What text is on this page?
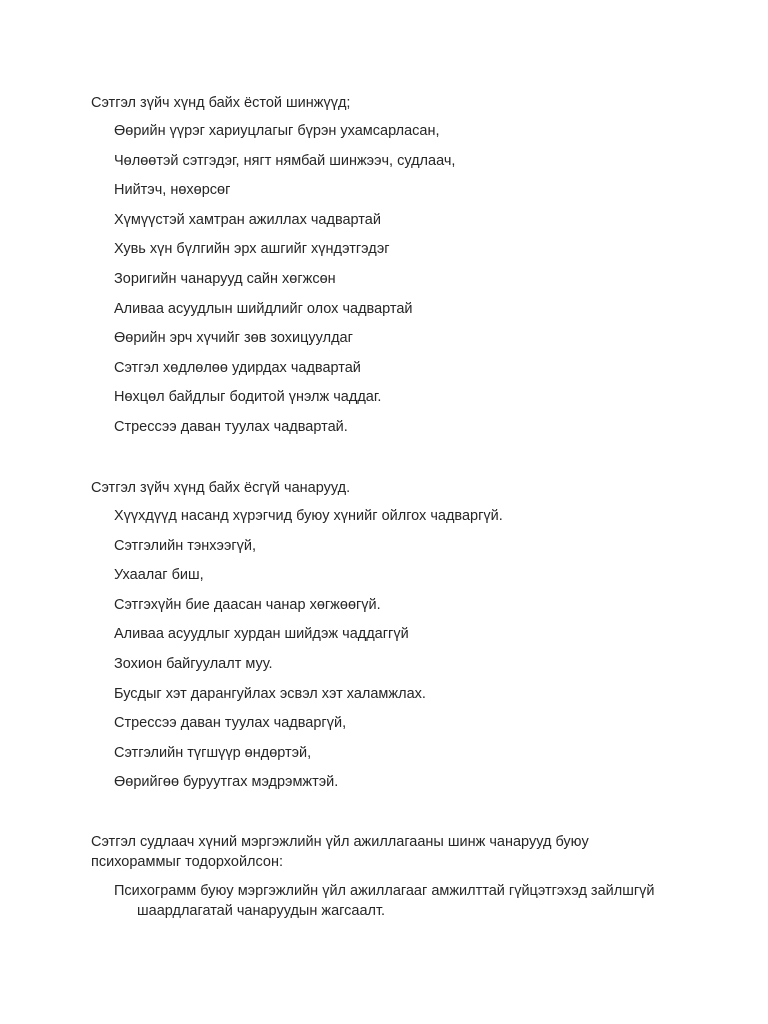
Сэтгэл зүйч хүнд байх ёстой шинжүүд;

Өөрийн үүрэг хариуцлагыг бүрэн ухамсарласан,
Чөлөөтэй сэтгэдэг, нягт нямбай шинжээч, судлаач,
Нийтэч, нөхөрсөг
Хүмүүстэй хамтран ажиллах чадвартай
Хувь хүн бүлгийн эрх ашгийг хүндэтгэдэг
Зоригийн чанарууд сайн хөгжсөн
Аливаа асуудлын шийдлийг олох чадвартай
Өөрийн эрч хүчийг зөв зохицуулдаг
Сэтгэл хөдлөлөө удирдах чадвартай
Нөхцөл байдлыг бодитой үнэлж чаддаг.
Стрессээ даван туулах чадвартай.

Сэтгэл зүйч хүнд байх ёсгүй чанарууд.

Хүүхдүүд насанд хүрэгчид буюу хүнийг ойлгох чадваргүй.
Сэтгэлийн тэнхээгүй,
Ухаалаг биш,
Сэтгэхүйн бие даасан чанар хөгжөөгүй.
Аливаа асуудлыг хурдан шийдэж чаддаггүй
Зохион байгуулалт муу.
Бусдыг хэт дарангуйлах эсвэл хэт халамжлах.
Стрессээ даван туулах чадваргүй,
Сэтгэлийн түгшүүр өндөртэй,
Өөрийгөө буруутгах мэдрэмжтэй.

Сэтгэл судлаач хүний мэргэжлийн үйл ажиллагааны шинж чанарууд буюу психораммыг тодорхойлсон:

Психограмм буюу мэргэжлийн үйл ажиллагааг амжилттай гүйцэтгэхэд зайлшгүй
шаардлагатай чанаруудын жагсаалт.
